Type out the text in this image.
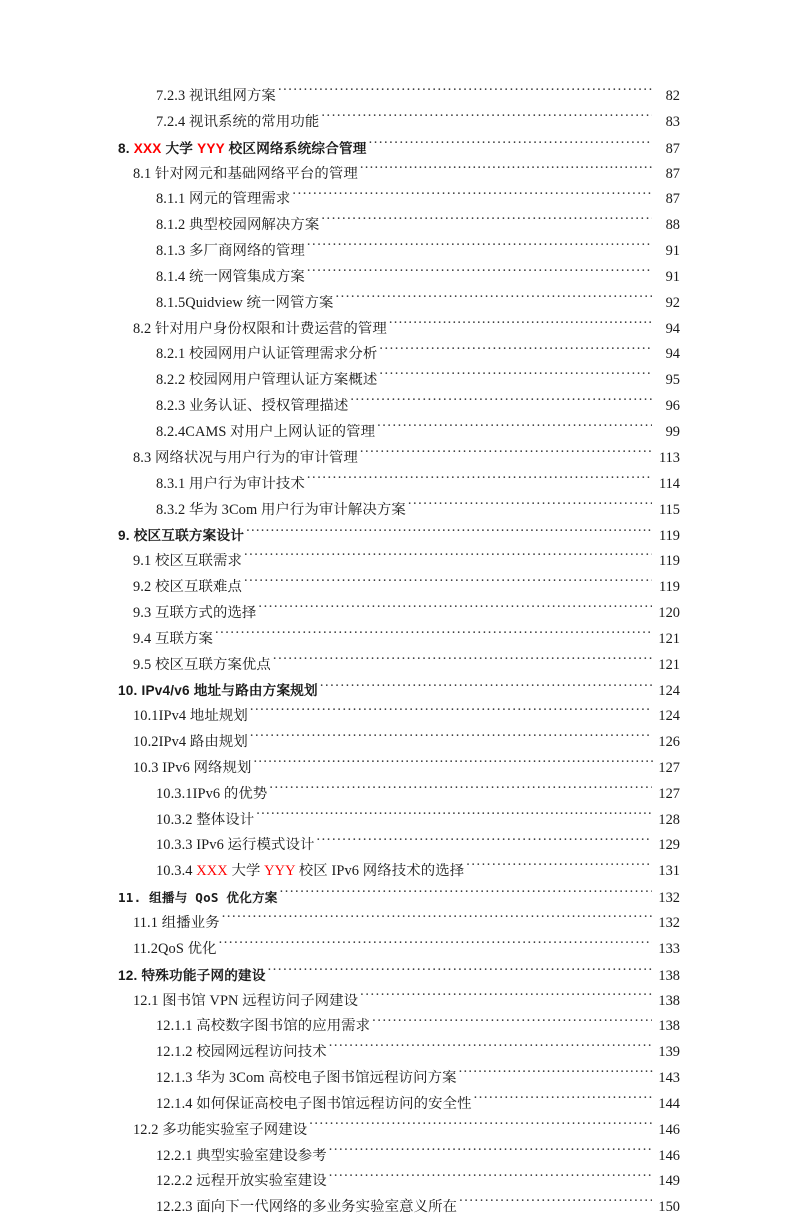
7.2.3 视讯组网方案 .....	82
7.2.4 视讯系统的常用功能 .....	83
8. XXX 大学 YYY 校区网络系统综合管理 .....	87
8.1 针对网元和基础网络平台的管理 .....	87
8.1.1 网元的管理需求 .....	87
8.1.2 典型校园网解决方案 .....	88
8.1.3 多厂商网络的管理 .....	91
8.1.4 统一网管集成方案 .....	91
8.1.5Quidview 统一网管方案 .....	92
8.2 针对用户身份权限和计费运营的管理 .....	94
8.2.1 校园网用户认证管理需求分析 .....	94
8.2.2 校园网用户管理认证方案概述 .....	95
8.2.3 业务认证、授权管理描述 .....	96
8.2.4CAMS 对用户上网认证的管理 .....	99
8.3 网络状况与用户行为的审计管理 .....	113
8.3.1 用户行为审计技术 .....	114
8.3.2 华为 3Com 用户行为审计解决方案 .....	115
9. 校区互联方案设计 .....	119
9.1 校区互联需求 .....	119
9.2 校区互联难点 .....	119
9.3 互联方式的选择 .....	120
9.4 互联方案 .....	121
9.5 校区互联方案优点 .....	121
10. IPv4/v6 地址与路由方案规划 .....	124
10.1IPv4 地址规划 .....	124
10.2IPv4 路由规划 .....	126
10.3 IPv6 网络规划 .....	127
10.3.1IPv6 的优势 .....	127
10.3.2 整体设计 .....	128
10.3.3 IPv6 运行模式设计 .....	129
10.3.4 XXX 大学 YYY 校区 IPv6 网络技术的选择 .....	131
11. 组播与 QoS 优化方案 .....	132
11.1 组播业务 .....	132
11.2QoS 优化 .....	133
12. 特殊功能子网的建设 .....	138
12.1 图书馆 VPN 远程访问子网建设 .....	138
12.1.1 高校数字图书馆的应用需求 .....	138
12.1.2 校园网远程访问技术 .....	139
12.1.3 华为 3Com 高校电子图书馆远程访问方案 .....	143
12.1.4 如何保证高校电子图书馆远程访问的安全性 .....	144
12.2 多功能实验室子网建设 .....	146
12.2.1 典型实验室建设参考 .....	146
12.2.2 远程开放实验室建设 .....	149
12.2.3 面向下一代网络的多业务实验室意义所在 .....	150
